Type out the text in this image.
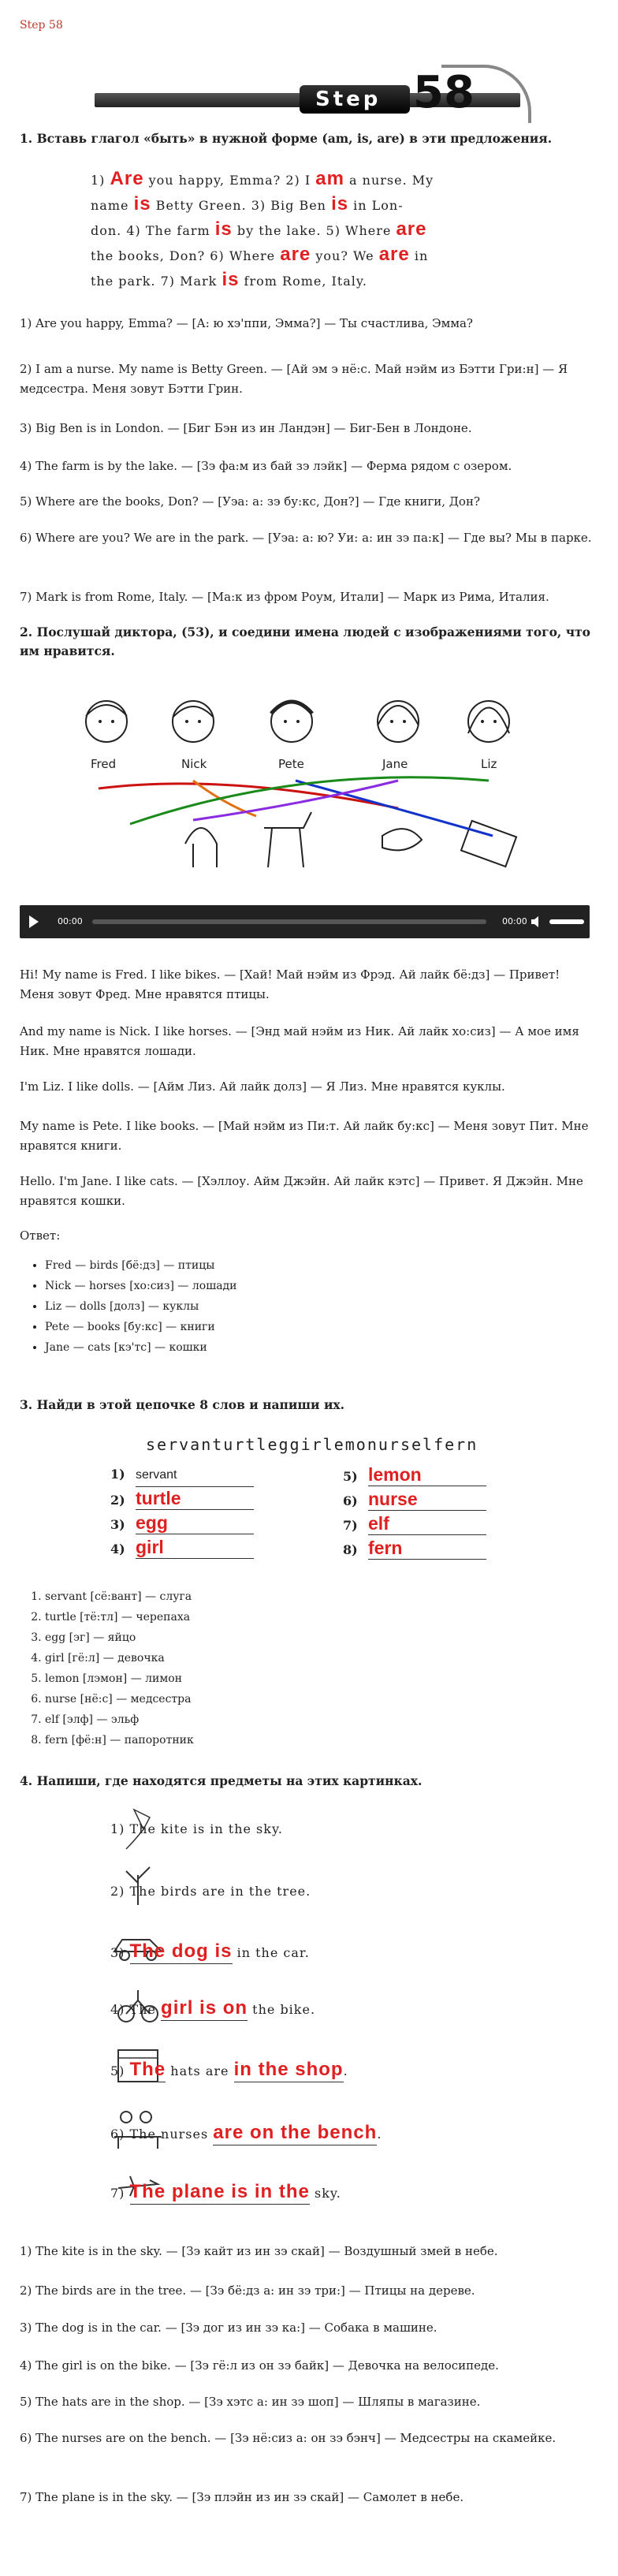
Step 58
Step 58
1. Вставь глагол «быть» в нужной форме (am, is, are) в эти предложения.
1) Are you happy, Emma? 2) I am a nurse. My
name is Betty Green. 3) Big Ben is in Lon-
don. 4) The farm is by the lake. 5) Where are
the books, Don? 6) Where are you? We are in
the park. 7) Mark is from Rome, Italy.

1) Are you happy, Emma? — [А: ю хэ'ппи, Эмма?] — Ты счастлива, Эмма?

2) I am a nurse. My name is Betty Green. — [Ай эм э нё:с. Май нэйм из Бэтти Гри:н] — Я медсестра. Меня зовут Бэтти Грин.

3) Big Ben is in London. — [Биг Бэн из ин Ландэн] — Биг-Бен в Лондоне.

4) The farm is by the lake. — [Зэ фа:м из бай зэ лэйк] — Ферма рядом с озером.

5) Where are the books, Don? — [Уэа: а: зэ бу:кс, Дон?] — Где книги, Дон?

6) Where are you? We are in the park. — [Уэа: а: ю? Уи: а: ин зэ па:к] — Где вы? Мы в парке.

7) Mark is from Rome, Italy. — [Ма:к из фром Роум, Итали] — Марк из Рима, Италия.

2. Послушай диктора, (53), и соедини имена людей с изображениями того, что им нравится.
Fred	Nick	Pete	Jane	Liz
00:00	00:00

Hi! My name is Fred. I like bikes. — [Хай! Май нэйм из Фрэд. Ай лайк бё:дз] — Привет! Меня зовут Фред. Мне нравятся птицы.

And my name is Nick. I like horses. — [Энд май нэйм из Ник. Ай лайк хо:сиз] — А мое имя Ник. Мне нравятся лошади.

I'm Liz. I like dolls. — [Айм Лиз. Ай лайк долз] — Я Лиз. Мне нравятся куклы.

My name is Pete. I like books. — [Май нэйм из Пи:т. Ай лайк бу:кс] — Меня зовут Пит. Мне нравятся книги.

Hello. I'm Jane. I like cats. — [Хэллоу. Айм Джэйн. Ай лайк кэтс] — Привет. Я Джэйн. Мне нравятся кошки.

Ответ:

• Fred — birds [бё:дз] — птицы
• Nick — horses [хо:сиз] — лошади
• Liz — dolls [долз] — куклы
• Pete — books [бу:кс] — книги
• Jane — cats [кэ'тс] — кошки
3. Найди в этой цепочке 8 слов и напиши их.
servanturtleggirlemonurselfern
1) servant
2) turtle
3) egg
4) girl
5) lemon
6) nurse
7) elf
8) fern
1. servant [сё:вант] — слуга
2. turtle [тё:тл] — черепаха
3. egg [эг] — яйцо
4. girl [гё:л] — девочка
5. lemon [лэмон] — лимон
6. nurse [нё:с] — медсестра
7. elf [элф] — эльф
8. fern [фё:н] — папоротник
4. Напиши, где находятся предметы на этих картинках.
1) The kite is in the sky.
2) The birds are in the tree.
3) The dog is in the car.
4) The girl is on the bike.
5) The hats are in the shop.
6) The nurses are on the bench.
7) The plane is in the sky.

1) The kite is in the sky. — [Зэ кайт из ин зэ скай] — Воздушный змей в небе.

2) The birds are in the tree. — [Зэ бё:дз а: ин зэ три:] — Птицы на дереве.

3) The dog is in the car. — [Зэ дог из ин зэ ка:] — Собака в машине.

4) The girl is on the bike. — [Зэ гё:л из он зэ байк] — Девочка на велосипеде.

5) The hats are in the shop. — [Зэ хэтс а: ин зэ шоп] — Шляпы в магазине.

6) The nurses are on the bench. — [Зэ нё:сиз а: он зэ бэнч] — Медсестры на скамейке.

7) The plane is in the sky. — [Зэ плэйн из ин зэ скай] — Самолет в небе.
